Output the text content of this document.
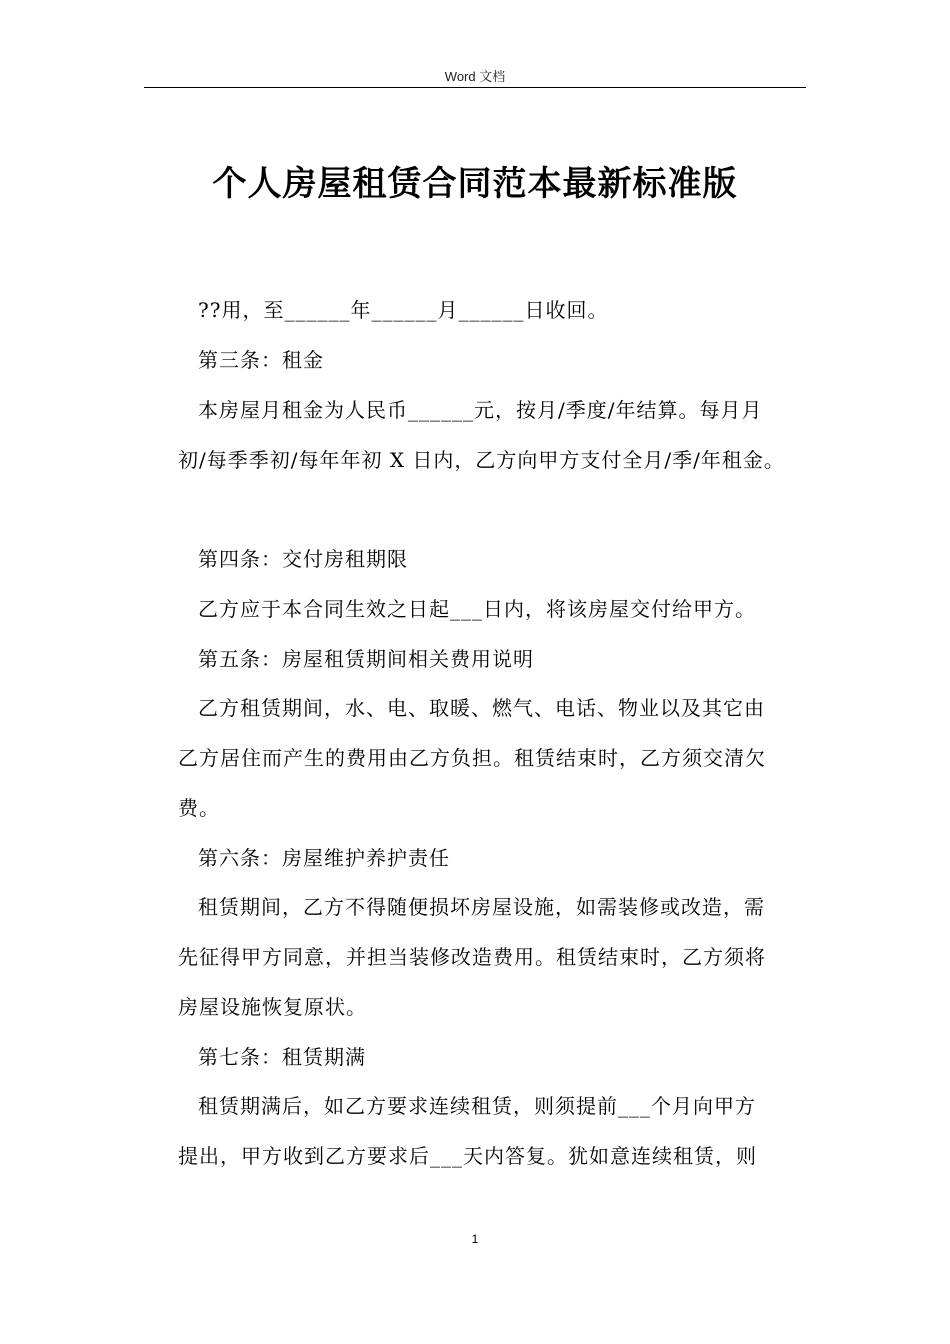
Word 文档
个人房屋租赁合同范本最新标准版
??用，至______年______月______日收回。
第三条：租金
本房屋月租金为人民币______元，按月/季度/年结算。每月月
初/每季季初/每年年初 X 日内，乙方向甲方支付全月/季/年租金。
第四条：交付房租期限
乙方应于本合同生效之日起___日内，将该房屋交付给甲方。
第五条：房屋租赁期间相关费用说明
乙方租赁期间，水、电、取暖、燃气、电话、物业以及其它由
乙方居住而产生的费用由乙方负担。租赁结束时，乙方须交清欠
费。
第六条：房屋维护养护责任
租赁期间，乙方不得随便损坏房屋设施，如需装修或改造，需
先征得甲方同意，并担当装修改造费用。租赁结束时，乙方须将
房屋设施恢复原状。
第七条：租赁期满
租赁期满后，如乙方要求连续租赁，则须提前___个月向甲方
提出，甲方收到乙方要求后___天内答复。犹如意连续租赁，则
1
